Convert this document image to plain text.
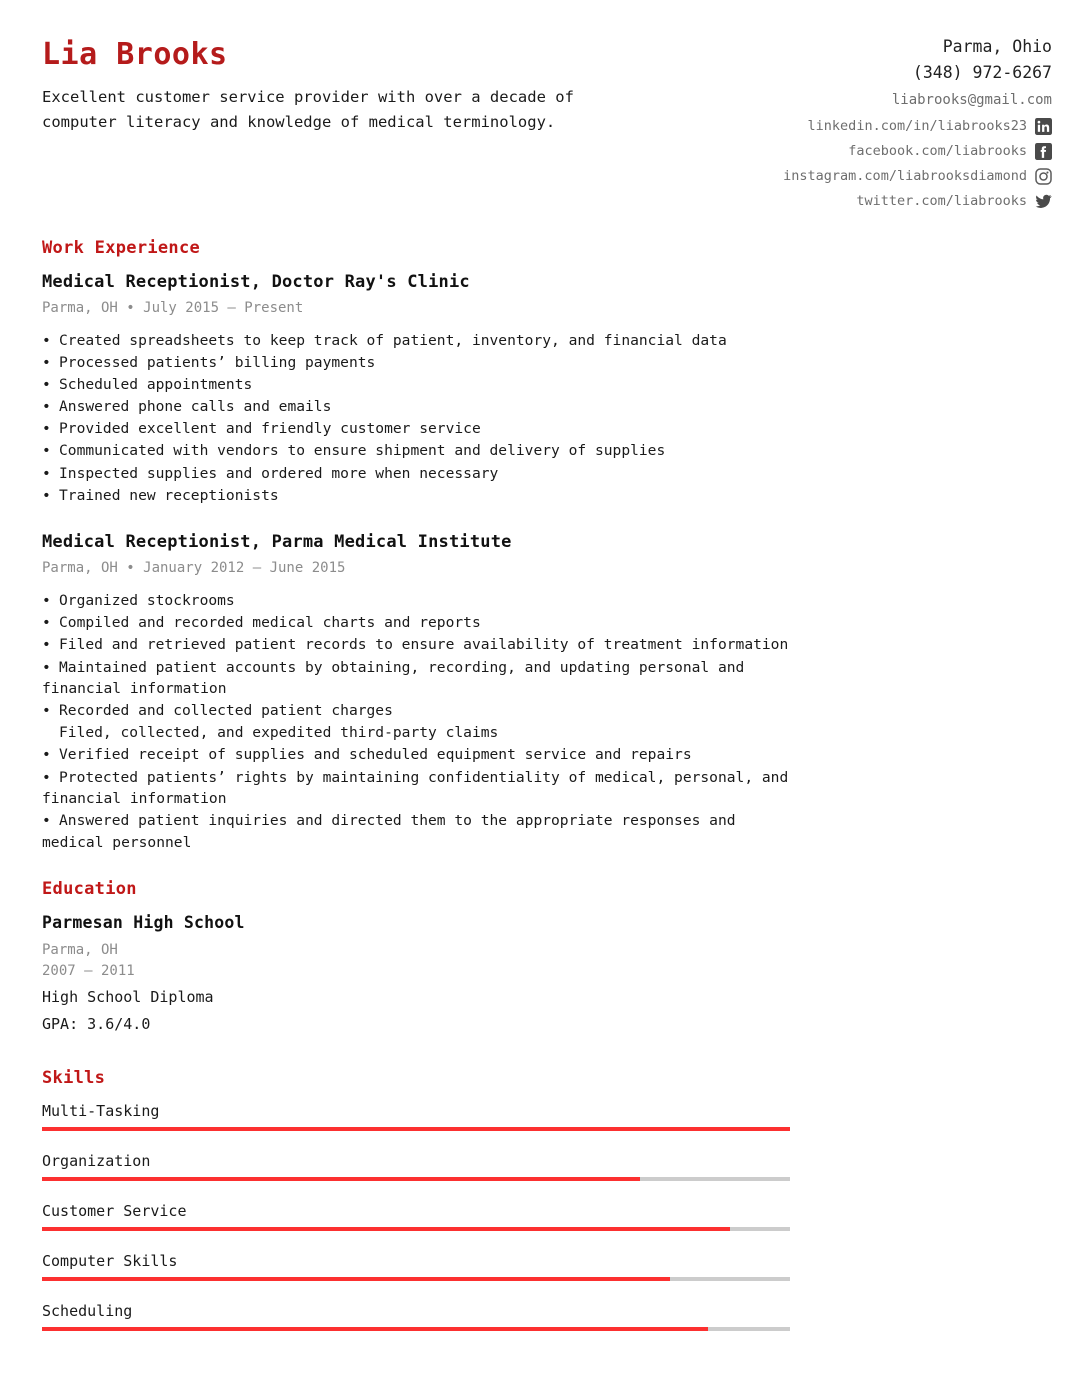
Lia Brooks
Excellent customer service provider with over a decade of computer literacy and knowledge of medical terminology.
Parma, Ohio
(348) 972-6267
liabrooks@gmail.com
linkedin.com/in/liabrooks23
facebook.com/liabrooks
instagram.com/liabrooksdiamond
twitter.com/liabrooks
Work Experience
Medical Receptionist, Doctor Ray's Clinic
Parma, OH • July 2015 — Present
• Created spreadsheets to keep track of patient, inventory, and financial data
• Processed patients’ billing payments
• Scheduled appointments
• Answered phone calls and emails
• Provided excellent and friendly customer service
• Communicated with vendors to ensure shipment and delivery of supplies
• Inspected supplies and ordered more when necessary
• Trained new receptionists
Medical Receptionist, Parma Medical Institute
Parma, OH • January 2012 — June 2015
• Organized stockrooms
• Compiled and recorded medical charts and reports
• Filed and retrieved patient records to ensure availability of treatment information
• Maintained patient accounts by obtaining, recording, and updating personal and financial information
• Recorded and collected patient charges
Filed, collected, and expedited third-party claims
• Verified receipt of supplies and scheduled equipment service and repairs
• Protected patients’ rights by maintaining confidentiality of medical, personal, and financial information
• Answered patient inquiries and directed them to the appropriate responses and medical personnel
Education
Parmesan High School
Parma, OH
2007 — 2011
High School Diploma
GPA: 3.6/4.0
Skills
Multi-Tasking
Organization
Customer Service
Computer Skills
Scheduling
